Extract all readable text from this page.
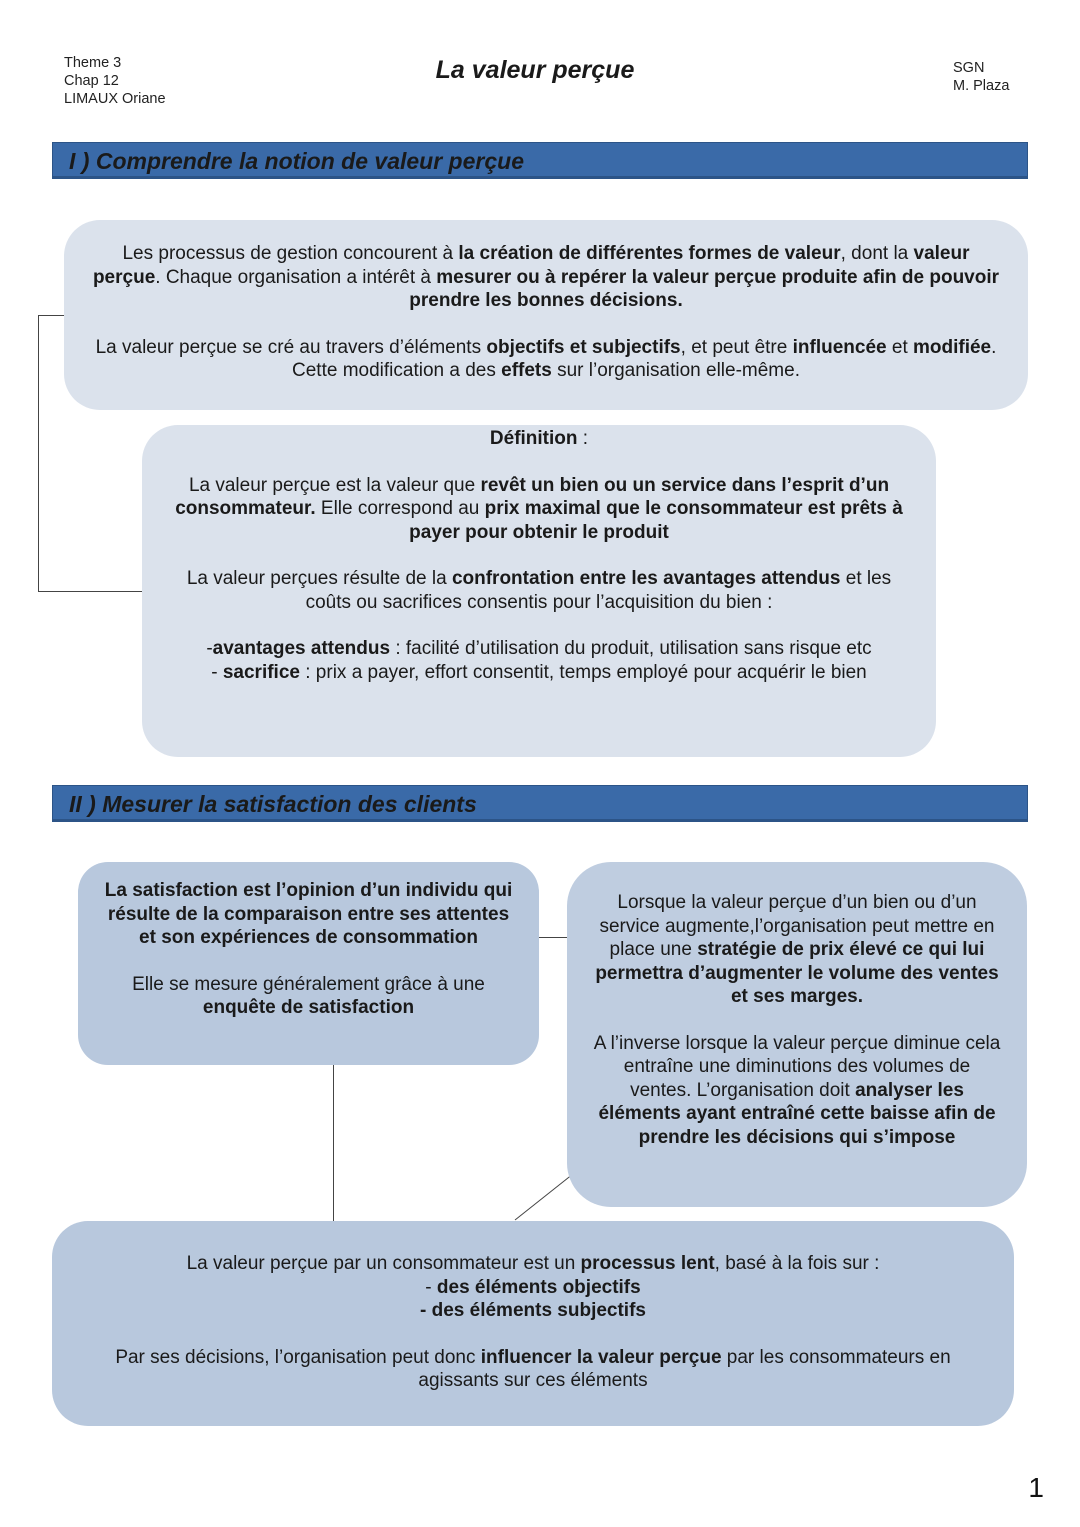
Theme 3
Chap 12
LIMAUX Oriane
La valeur perçue	SGN
M. Plaza
I ) Comprendre la notion de valeur perçue

Les processus de gestion concourent à la création de différentes formes de valeur, dont la valeur perçue. Chaque organisation a intérêt à mesurer ou à repérer la valeur perçue produite afin de pouvoir prendre les bonnes décisions.

La valeur perçue se cré au travers d’éléments objectifs et subjectifs, et peut être influencée et modifiée. Cette modification a des effets sur l’organisation elle-même.

Définition :

La valeur perçue est la valeur que revêt un bien ou un service dans l’esprit d’un consommateur. Elle correspond au prix maximal que le consommateur est prêts à payer pour obtenir le produit

La valeur perçues résulte de la confrontation entre les avantages attendus et les coûts ou sacrifices consentis pour l’acquisition du bien :

-avantages attendus : facilité d’utilisation du produit, utilisation sans risque etc

- sacrifice : prix a payer, effort consentit, temps employé pour acquérir le bien

II ) Mesurer la satisfaction des clients

La satisfaction est l’opinion d’un individu qui résulte de la comparaison entre ses attentes et son expériences de consommation

Elle se mesure généralement grâce à une enquête de satisfaction

Lorsque la valeur perçue d’un bien ou d’un service augmente,l’organisation peut mettre en place une stratégie de prix élevé ce qui lui permettra d’augmenter le volume des ventes et ses marges.

A l’inverse lorsque la valeur perçue diminue cela entraîne une diminutions des volumes de ventes. L’organisation doit analyser les éléments ayant entraîné cette baisse afin de prendre les décisions qui s’impose

La valeur perçue par un consommateur est un processus lent, basé à la fois sur :

- des éléments objectifs

- des éléments subjectifs

Par ses décisions, l’organisation peut donc influencer la valeur perçue par les consommateurs en agissants sur ces éléments

1
